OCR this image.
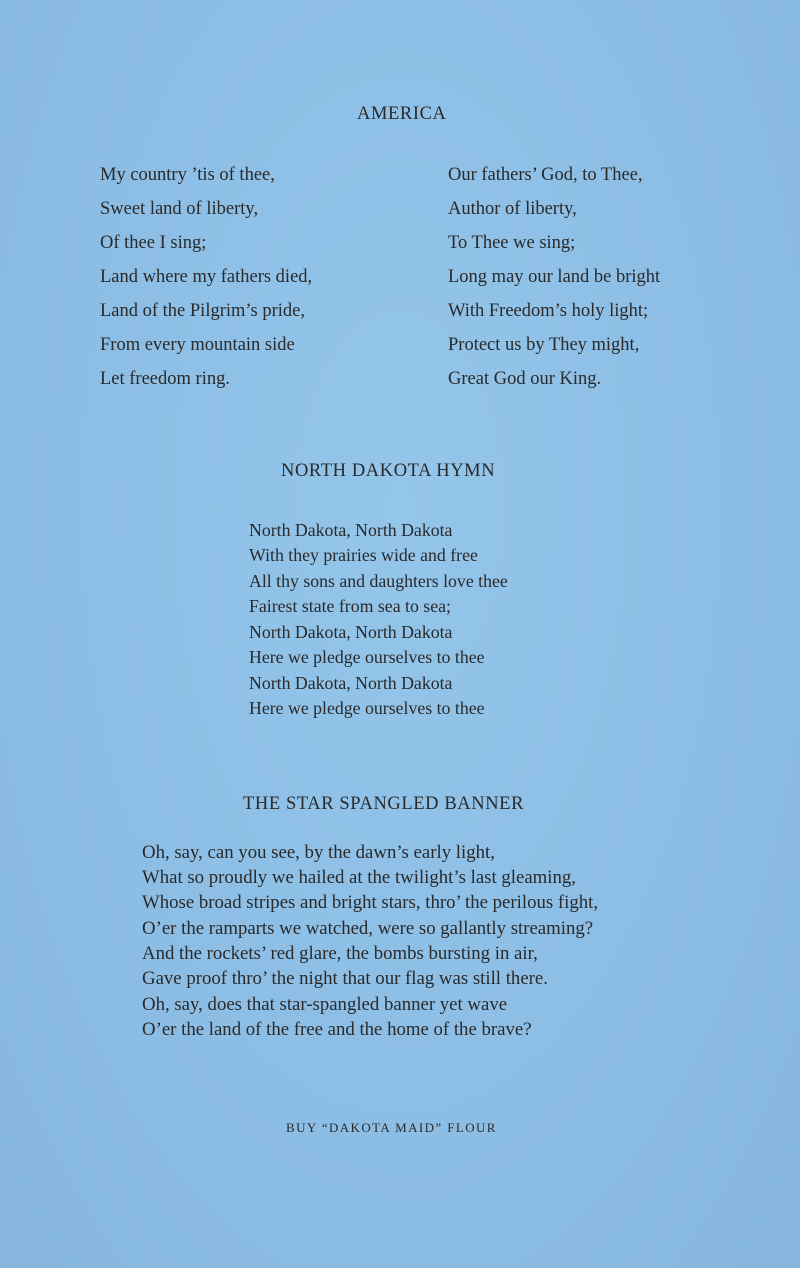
AMERICA
My country ’tis of thee,
Sweet land of liberty,
Of thee I sing;
Land where my fathers died,
Land of the Pilgrim’s pride,
From every mountain side
Let freedom ring.
Our fathers’ God, to Thee,
Author of liberty,
To Thee we sing;
Long may our land be bright
With Freedom’s holy light;
Protect us by They might,
Great God our King.
NORTH DAKOTA HYMN
North Dakota, North Dakota
With they prairies wide and free
All thy sons and daughters love thee
Fairest state from sea to sea;
North Dakota, North Dakota
Here we pledge ourselves to thee
North Dakota, North Dakota
Here we pledge ourselves to thee
THE STAR SPANGLED BANNER
Oh, say, can you see, by the dawn’s early light,
What so proudly we hailed at the twilight’s last gleaming,
Whose broad stripes and bright stars, thro’ the perilous fight,
O’er the ramparts we watched, were so gallantly streaming?
And the rockets’ red glare, the bombs bursting in air,
Gave proof thro’ the night that our flag was still there.
Oh, say, does that star-spangled banner yet wave
O’er the land of the free and the home of the brave?
BUY “DAKOTA MAID” FLOUR
